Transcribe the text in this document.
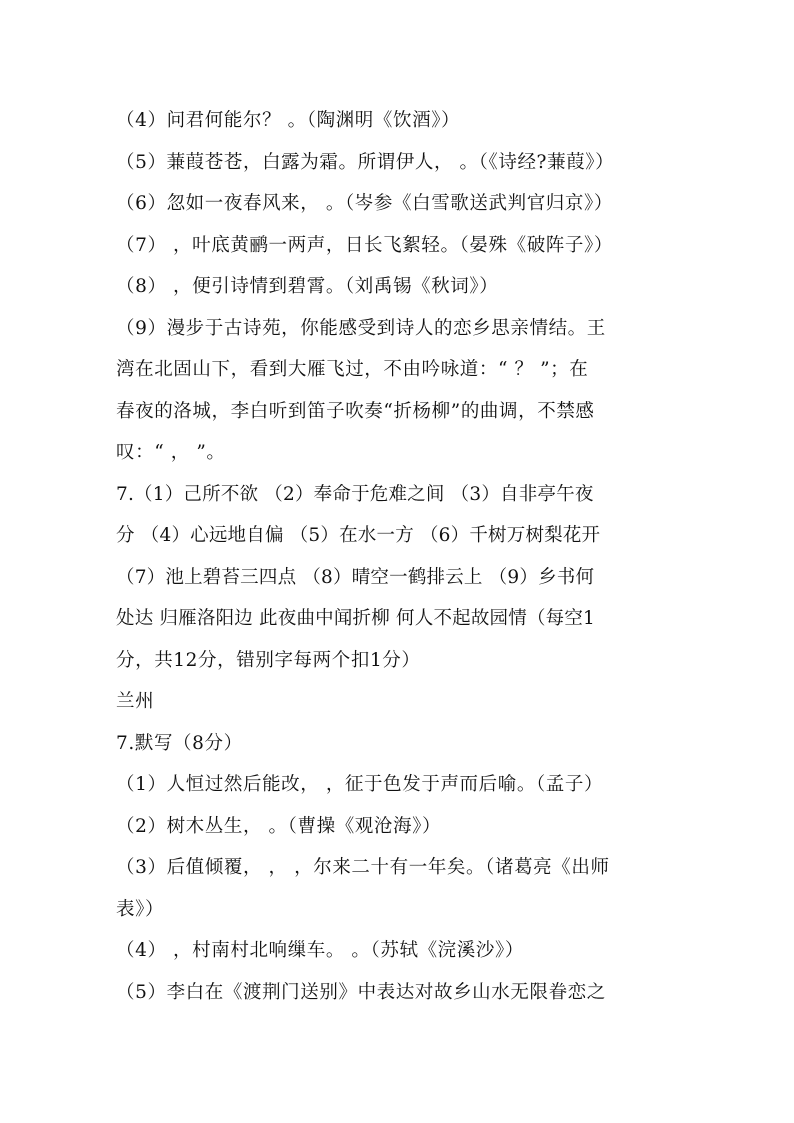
（4）问君何能尔？ 。（陶渊明《饮酒》）
（5）蒹葭苍苍，白露为霜。所谓伊人， 。（《诗经?蒹葭》）
（6）忽如一夜春风来， 。（岑参《白雪歌送武判官归京》）
（7） ，叶底黄鹂一两声，日长飞絮轻。（晏殊《破阵子》）
（8） ，便引诗情到碧霄。（刘禹锡《秋词》）
（9）漫步于古诗苑，你能感受到诗人的恋乡思亲情结。王
湾在北固山下，看到大雁飞过，不由吟咏道：“ ？ ”；在
春夜的洛城，李白听到笛子吹奏“折杨柳”的曲调，不禁感
叹：“ ， ”。
7.（1）己所不欲 （2）奉命于危难之间 （3）自非亭午夜
分 （4）心远地自偏 （5）在水一方 （6）千树万树梨花开
（7）池上碧苔三四点 （8）晴空一鹤排云上 （9）乡书何
处达 归雁洛阳边 此夜曲中闻折柳 何人不起故园情（每空1
分，共12分，错别字每两个扣1分）
兰州
7.默写（8分）
（1）人恒过然后能改， ，征于色发于声而后喻。（孟子）
（2）树木丛生， 。（曹操《观沧海》）
（3）后值倾覆， ， ，尔来二十有一年矣。（诸葛亮《出师
表》）
（4） ，村南村北响缫车。 。（苏轼《浣溪沙》）
（5）李白在《渡荆门送别》中表达对故乡山水无限眷恋之
